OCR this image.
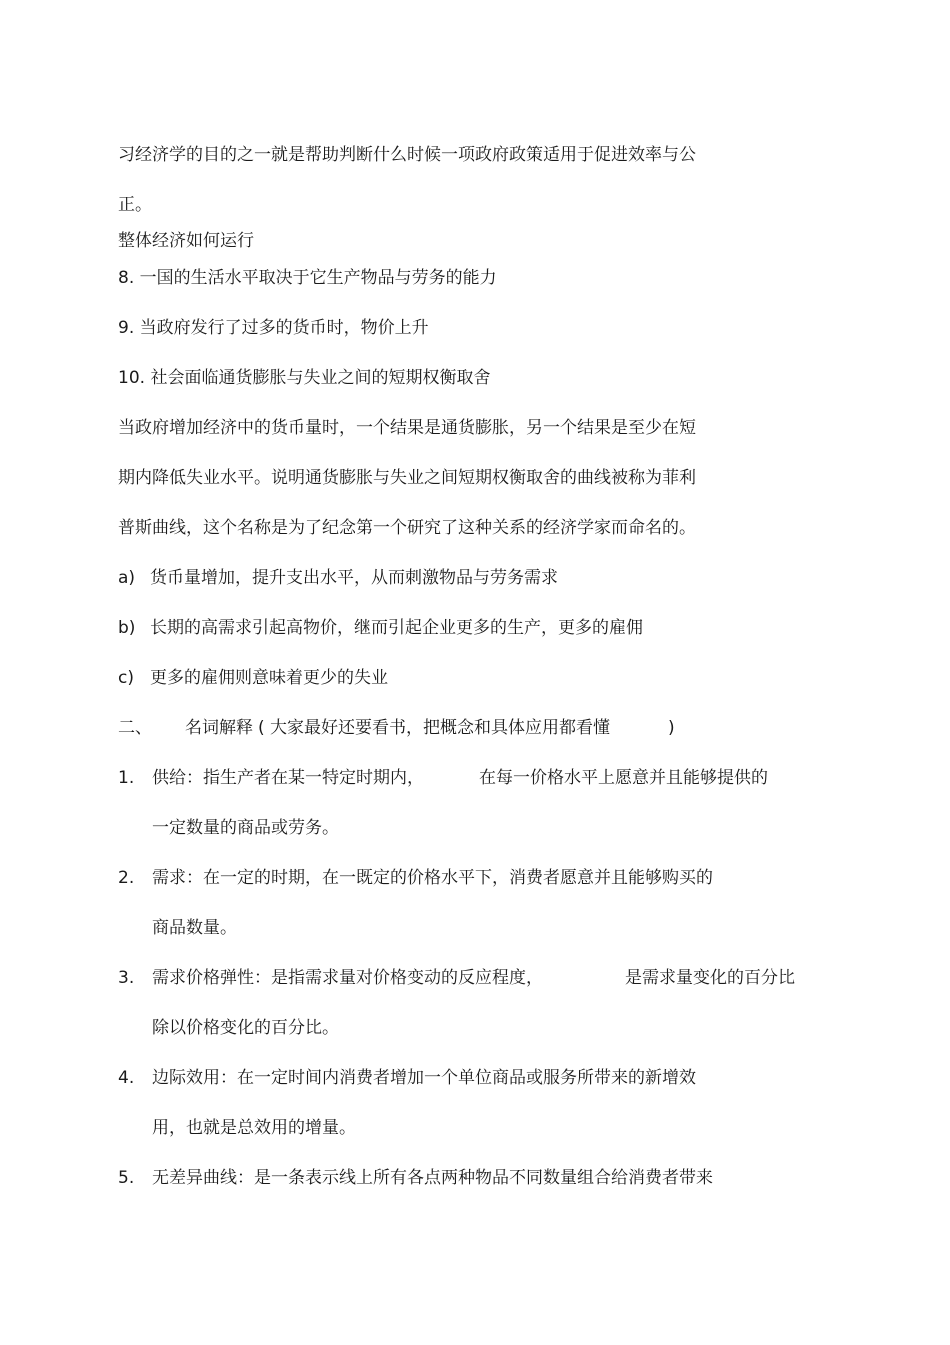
习经济学的目的之一就是帮助判断什么时候一项政府政策适用于促进效率与公
正。
整体经济如何运行
8. 一国的生活水平取决于它生产物品与劳务的能力
9. 当政府发行了过多的货币时，物价上升
10. 社会面临通货膨胀与失业之间的短期权衡取舍
当政府增加经济中的货币量时，一个结果是通货膨胀，另一个结果是至少在短
期内降低失业水平。说明通货膨胀与失业之间短期权衡取舍的曲线被称为菲利
普斯曲线，这个名称是为了纪念第一个研究了这种关系的经济学家而命名的。
a) 货币量增加，提升支出水平，从而刺激物品与劳务需求
b) 长期的高需求引起高物价，继而引起企业更多的生产，更多的雇佣
c) 更多的雇佣则意味着更少的失业
二、 名词解释 ( 大家最好还要看书，把概念和具体应用都看懂	)
1. 供给：指生产者在某一特定时期内，	在每一价格水平上愿意并且能够提供的
一定数量的商品或劳务。
2. 需求：在一定的时期，在一既定的价格水平下，消费者愿意并且能够购买的
商品数量。
3. 需求价格弹性：是指需求量对价格变动的反应程度，	是需求量变化的百分比
除以价格变化的百分比。
4. 边际效用：在一定时间内消费者增加一个单位商品或服务所带来的新增效
用，也就是总效用的增量。
5. 无差异曲线：是一条表示线上所有各点两种物品不同数量组合给消费者带来
